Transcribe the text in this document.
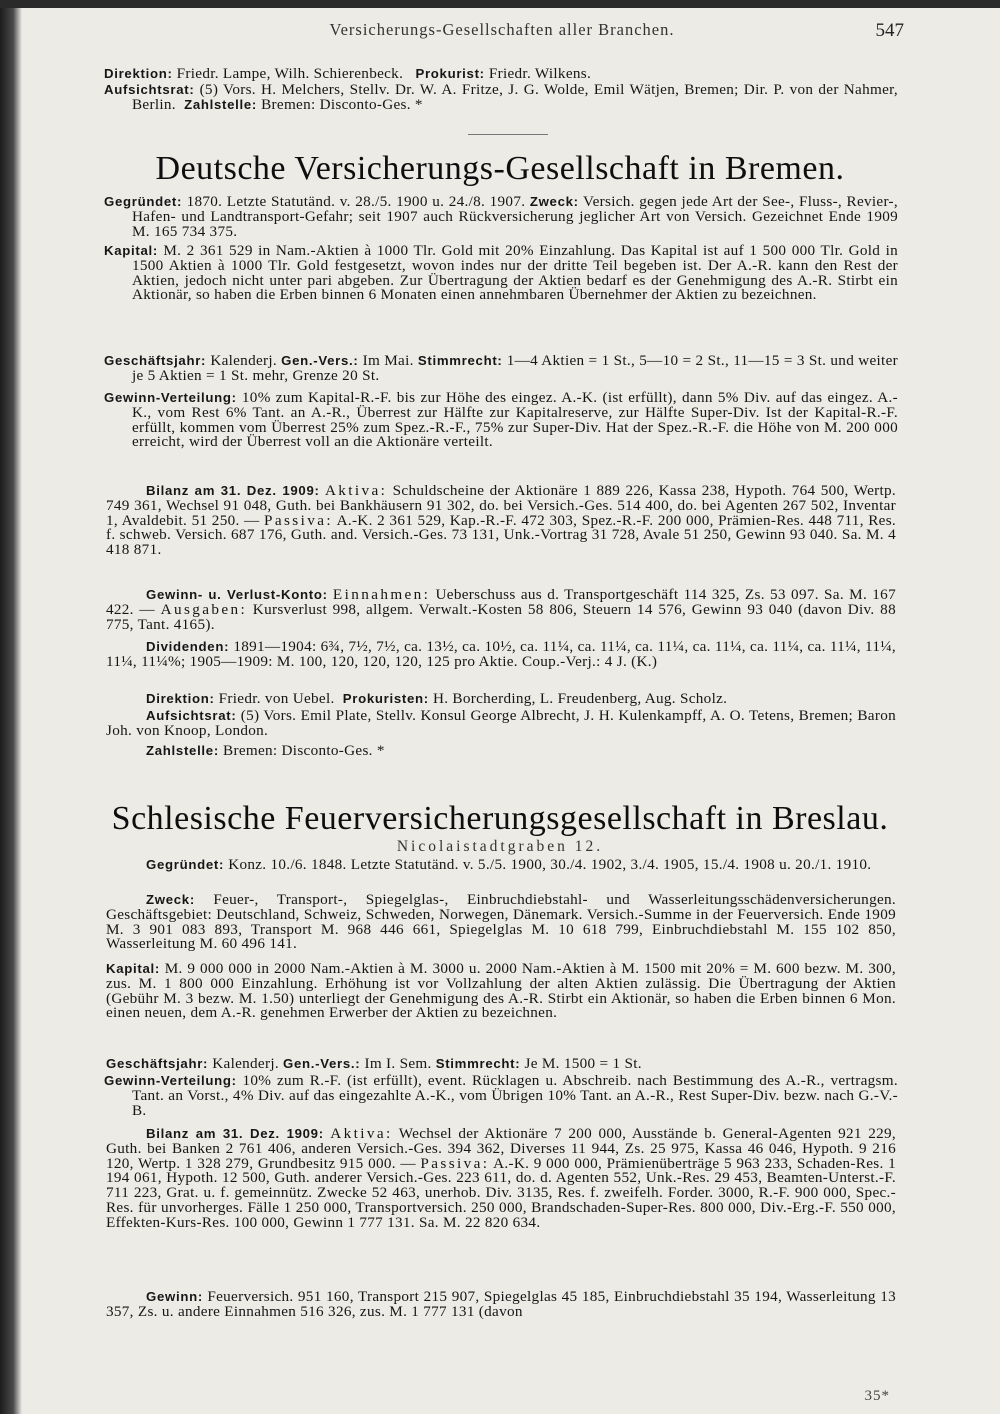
Versicherungs-Gesellschaften aller Branchen.	547
Direktion: Friedr. Lampe, Wilh. Schierenbeck. Prokurist: Friedr. Wilkens.
Aufsichtsrat: (5) Vors. H. Melchers, Stellv. Dr. W. A. Fritze, J. G. Wolde, Emil Wätjen, Bremen; Dir. P. von der Nahmer, Berlin. Zahlstelle: Bremen: Disconto-Ges. *
Deutsche Versicherungs-Gesellschaft in Bremen.
Gegründet: 1870. Letzte Statutänd. v. 28./5. 1900 u. 24./8. 1907. Zweck: Versich. gegen jede Art der See-, Fluss-, Revier-, Hafen- und Landtransport-Gefahr; seit 1907 auch Rückversicherung jeglicher Art von Versich. Gezeichnet Ende 1909 M. 165 734 375.
Kapital: M. 2 361 529 in Nam.-Aktien à 1000 Tlr. Gold mit 20% Einzahlung. Das Kapital ist auf 1 500 000 Tlr. Gold in 1500 Aktien à 1000 Tlr. Gold festgesetzt, wovon indes nur der dritte Teil begeben ist. Der A.-R. kann den Rest der Aktien, jedoch nicht unter pari abgeben. Zur Übertragung der Aktien bedarf es der Genehmigung des A.-R. Stirbt ein Aktionär, so haben die Erben binnen 6 Monaten einen annehmbaren Übernehmer der Aktien zu bezeichnen.
Geschäftsjahr: Kalenderj. Gen.-Vers.: Im Mai. Stimmrecht: 1—4 Aktien = 1 St., 5—10 = 2 St., 11—15 = 3 St. und weiter je 5 Aktien = 1 St. mehr, Grenze 20 St.
Gewinn-Verteilung: 10% zum Kapital-R.-F. bis zur Höhe des eingez. A.-K. (ist erfüllt), dann 5% Div. auf das eingez. A.-K., vom Rest 6% Tant. an A.-R., Überrest zur Hälfte zur Kapitalreserve, zur Hälfte Super-Div. Ist der Kapital-R.-F. erfüllt, kommen vom Überrest 25% zum Spez.-R.-F., 75% zur Super-Div. Hat der Spez.-R.-F. die Höhe von M. 200 000 erreicht, wird der Überrest voll an die Aktionäre verteilt.
Bilanz am 31. Dez. 1909: Aktiva: Schuldscheine der Aktionäre 1 889 226, Kassa 238, Hypoth. 764 500, Wertp. 749 361, Wechsel 91 048, Guth. bei Bankhäusern 91 302, do. bei Versich.-Ges. 514 400, do. bei Agenten 267 502, Inventar 1, Avaldebit. 51 250. — Passiva: A.-K. 2 361 529, Kap.-R.-F. 472 303, Spez.-R.-F. 200 000, Prämien-Res. 448 711, Res. f. schweb. Versich. 687 176, Guth. and. Versich.-Ges. 73 131, Unk.-Vortrag 31 728, Avale 51 250, Gewinn 93 040. Sa. M. 4 418 871.
Gewinn- u. Verlust-Konto: Einnahmen: Ueberschuss aus d. Transportgeschäft 114 325, Zs. 53 097. Sa. M. 167 422. — Ausgaben: Kursverlust 998, allgem. Verwalt.-Kosten 58 806, Steuern 14 576, Gewinn 93 040 (davon Div. 88 775, Tant. 4165).
Dividenden: 1891—1904: 6¾, 7½, 7½, ca. 13½, ca. 10½, ca. 11¼, ca. 11¼, ca. 11¼, ca. 11¼, ca. 11¼, ca. 11¼, 11¼, 11¼, 11¼%; 1905—1909: M. 100, 120, 120, 120, 125 pro Aktie. Coup.-Verj.: 4 J. (K.)
Direktion: Friedr. von Uebel. Prokuristen: H. Borcherding, L. Freudenberg, Aug. Scholz.
Aufsichtsrat: (5) Vors. Emil Plate, Stellv. Konsul George Albrecht, J. H. Kulenkampff, A. O. Tetens, Bremen; Baron Joh. von Knoop, London.
Zahlstelle: Bremen: Disconto-Ges. *
Schlesische Feuerversicherungsgesellschaft in Breslau.
Nicolaistadtgraben 12.
Gegründet: Konz. 10./6. 1848. Letzte Statutänd. v. 5./5. 1900, 30./4. 1902, 3./4. 1905, 15./4. 1908 u. 20./1. 1910.
Zweck: Feuer-, Transport-, Spiegelglas-, Einbruchdiebstahl- und Wasserleitungsschädenversicherungen. Geschäftsgebiet: Deutschland, Schweiz, Schweden, Norwegen, Dänemark. Versich.-Summe in der Feuerversich. Ende 1909 M. 3 901 083 893, Transport M. 968 446 661, Spiegelglas M. 10 618 799, Einbruchdiebstahl M. 155 102 850, Wasserleitung M. 60 496 141.
Kapital: M. 9 000 000 in 2000 Nam.-Aktien à M. 3000 u. 2000 Nam.-Aktien à M. 1500 mit 20% = M. 600 bezw. M. 300, zus. M. 1 800 000 Einzahlung. Erhöhung ist vor Vollzahlung der alten Aktien zulässig. Die Übertragung der Aktien (Gebühr M. 3 bezw. M. 1.50) unterliegt der Genehmigung des A.-R. Stirbt ein Aktionär, so haben die Erben binnen 6 Mon. einen neuen, dem A.-R. genehmen Erwerber der Aktien zu bezeichnen.
Geschäftsjahr: Kalenderj. Gen.-Vers.: Im I. Sem. Stimmrecht: Je M. 1500 = 1 St.
Gewinn-Verteilung: 10% zum R.-F. (ist erfüllt), event. Rücklagen u. Abschreib. nach Bestimmung des A.-R., vertragsm. Tant. an Vorst., 4% Div. auf das eingezahlte A.-K., vom Übrigen 10% Tant. an A.-R., Rest Super-Div. bezw. nach G.-V.-B.
Bilanz am 31. Dez. 1909: Aktiva: Wechsel der Aktionäre 7 200 000, Ausstände b. General-Agenten 921 229, Guth. bei Banken 2 761 406, anderen Versich.-Ges. 394 362, Diverses 11 944, Zs. 25 975, Kassa 46 046, Hypoth. 9 216 120, Wertp. 1 328 279, Grundbesitz 915 000. — Passiva: A.-K. 9 000 000, Prämienüberträge 5 963 233, Schaden-Res. 1 194 061, Hypoth. 12 500, Guth. anderer Versich.-Ges. 223 611, do. d. Agenten 552, Unk.-Res. 29 453, Beamten-Unterst.-F. 711 223, Grat. u. f. gemeinnütz. Zwecke 52 463, unerhob. Div. 3135, Res. f. zweifelh. Forder. 3000, R.-F. 900 000, Spec.-Res. für unvorherges. Fälle 1 250 000, Transportversich. 250 000, Brandschaden-Super-Res. 800 000, Div.-Erg.-F. 550 000, Effekten-Kurs-Res. 100 000, Gewinn 1 777 131. Sa. M. 22 820 634.
Gewinn: Feuerversich. 951 160, Transport 215 907, Spiegelglas 45 185, Einbruchdiebstahl 35 194, Wasserleitung 13 357, Zs. u. andere Einnahmen 516 326, zus. M. 1 777 131 (davon
35*
